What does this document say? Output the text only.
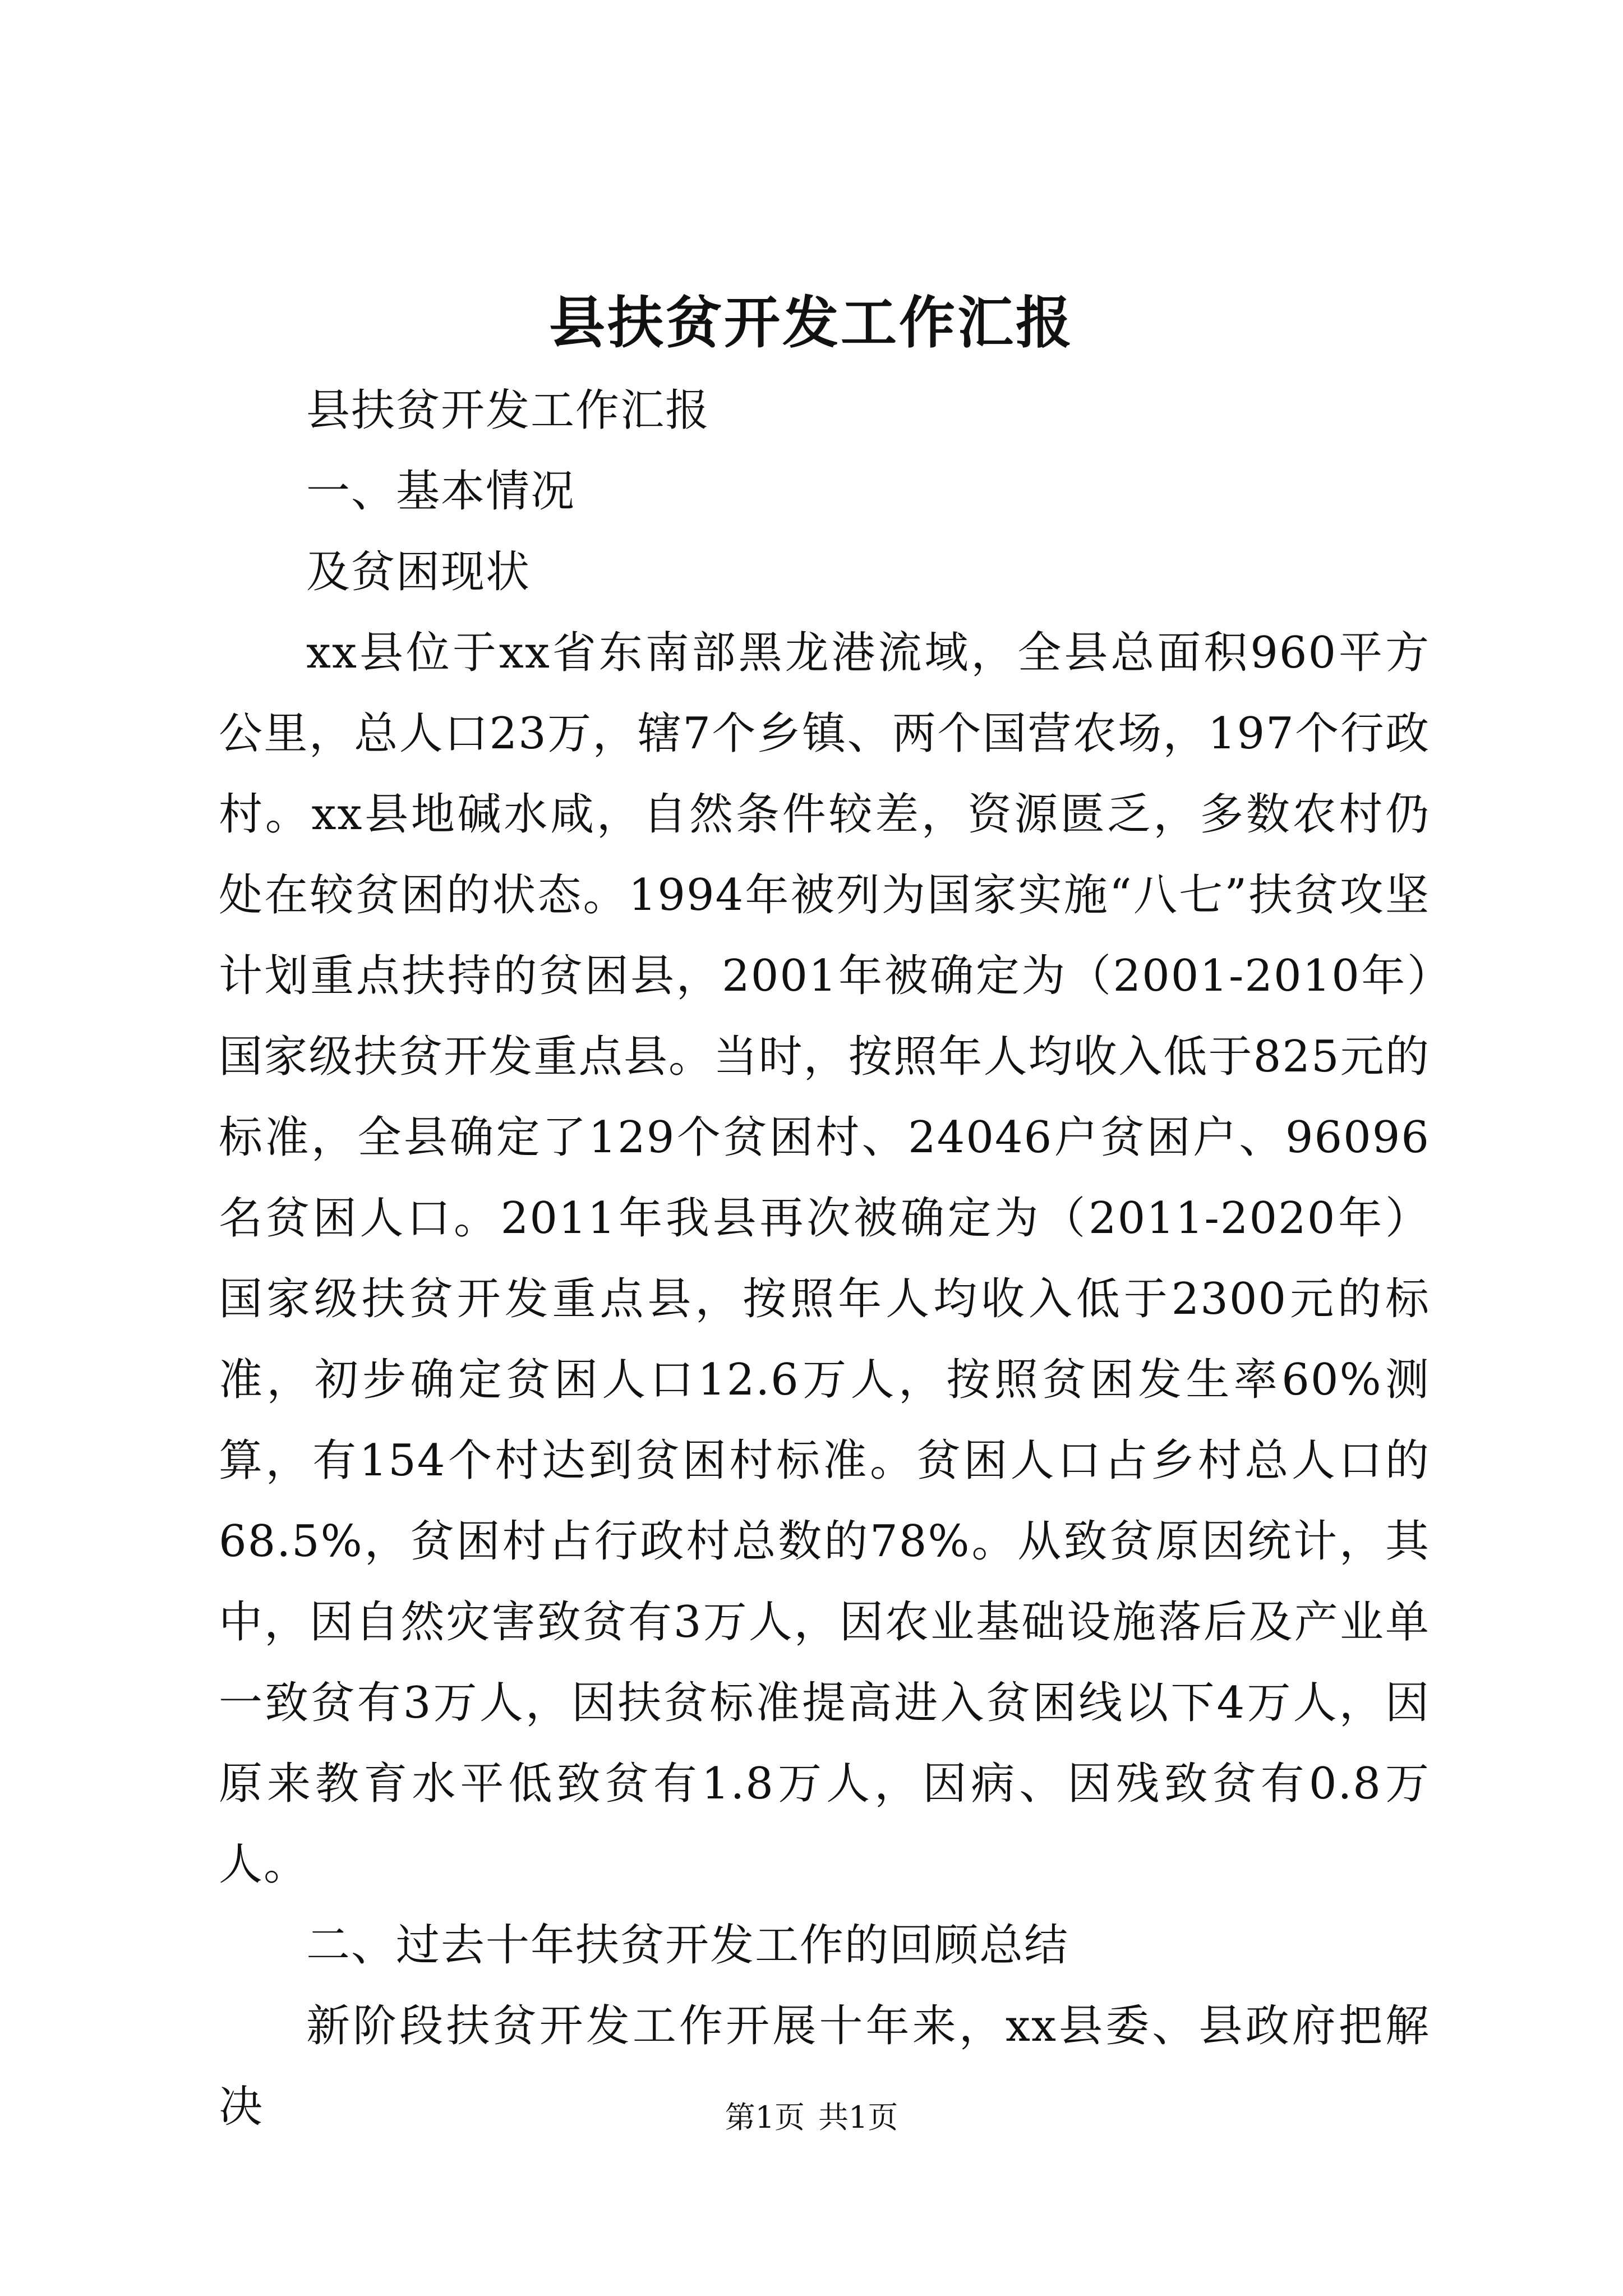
县扶贫开发工作汇报

县扶贫开发工作汇报

一、基本情况

及贫困现状

xx县位于xx省东南部黑龙港流域，全县总面积960平方公里，总人口23万，辖7个乡镇、两个国营农场，197个行政村。xx县地碱水咸，自然条件较差，资源匮乏，多数农村仍处在较贫困的状态。1994年被列为国家实施“八七”扶贫攻坚计划重点扶持的贫困县，2001年被确定为（2001-2010年）国家级扶贫开发重点县。当时，按照年人均收入低于825元的标准，全县确定了129个贫困村、24046户贫困户、96096名贫困人口。2011年我县再次被确定为（2011-2020年）国家级扶贫开发重点县，按照年人均收入低于2300元的标准，初步确定贫困人口12.6万人，按照贫困发生率60%测算，有154个村达到贫困村标准。贫困人口占乡村总人口的68.5%，贫困村占行政村总数的78%。从致贫原因统计，其中，因自然灾害致贫有3万人，因农业基础设施落后及产业单一致贫有3万人，因扶贫标准提高进入贫困线以下4万人，因原来教育水平低致贫有1.8万人，因病、因残致贫有0.8万人。

二、过去十年扶贫开发工作的回顾总结

新阶段扶贫开发工作开展十年来，xx县委、县政府把解决	第1页 共1页
